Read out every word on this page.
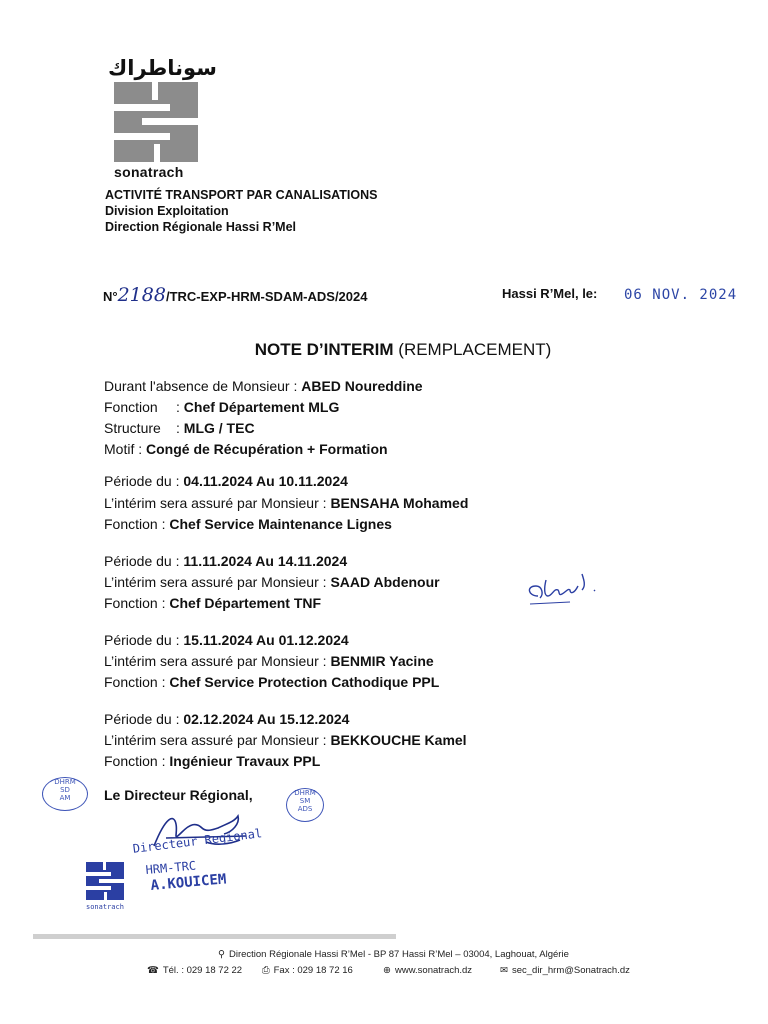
سوناطراك
sonatrach
ACTIVITÉ TRANSPORT PAR CANALISATIONS
Division Exploitation
Direction Régionale Hassi R’Mel
N°2188/TRC-EXP-HRM-SDAM-ADS/2024	Hassi R’Mel, le: 06 NOV. 2024
NOTE D’INTERIM (REMPLACEMENT)
Durant l'absence de Monsieur : ABED Noureddine
Fonction : Chef Département MLG
Structure : MLG / TEC
Motif : Congé de Récupération + Formation
Période du : 04.11.2024 Au 10.11.2024
L’intérim sera assuré par Monsieur : BENSAHA Mohamed
Fonction : Chef Service Maintenance Lignes
Période du : 11.11.2024 Au 14.11.2024
L’intérim sera assuré par Monsieur : SAAD Abdenour
Fonction : Chef Département TNF
Période du : 15.11.2024 Au 01.12.2024
L’intérim sera assuré par Monsieur : BENMIR Yacine
Fonction : Chef Service Protection Cathodique PPL
Période du : 02.12.2024 Au 15.12.2024
L’intérim sera assuré par Monsieur : BEKKOUCHE Kamel
Fonction : Ingénieur Travaux PPL
DHRM
SD
AM	Le Directeur Régional,	DHRM
SM
ADS
sonatrach
Directeur Regional
HRM-TRC
A.KOUICEM
⚲ Direction Régionale Hassi R’Mel - BP 87 Hassi R’Mel – 03004, Laghouat, Algérie
☎ Tél. : 029 18 72 22 ⎙ Fax : 029 18 72 16	⊕ www.sonatrach.dz	✉ sec_dir_hrm@Sonatrach.dz
